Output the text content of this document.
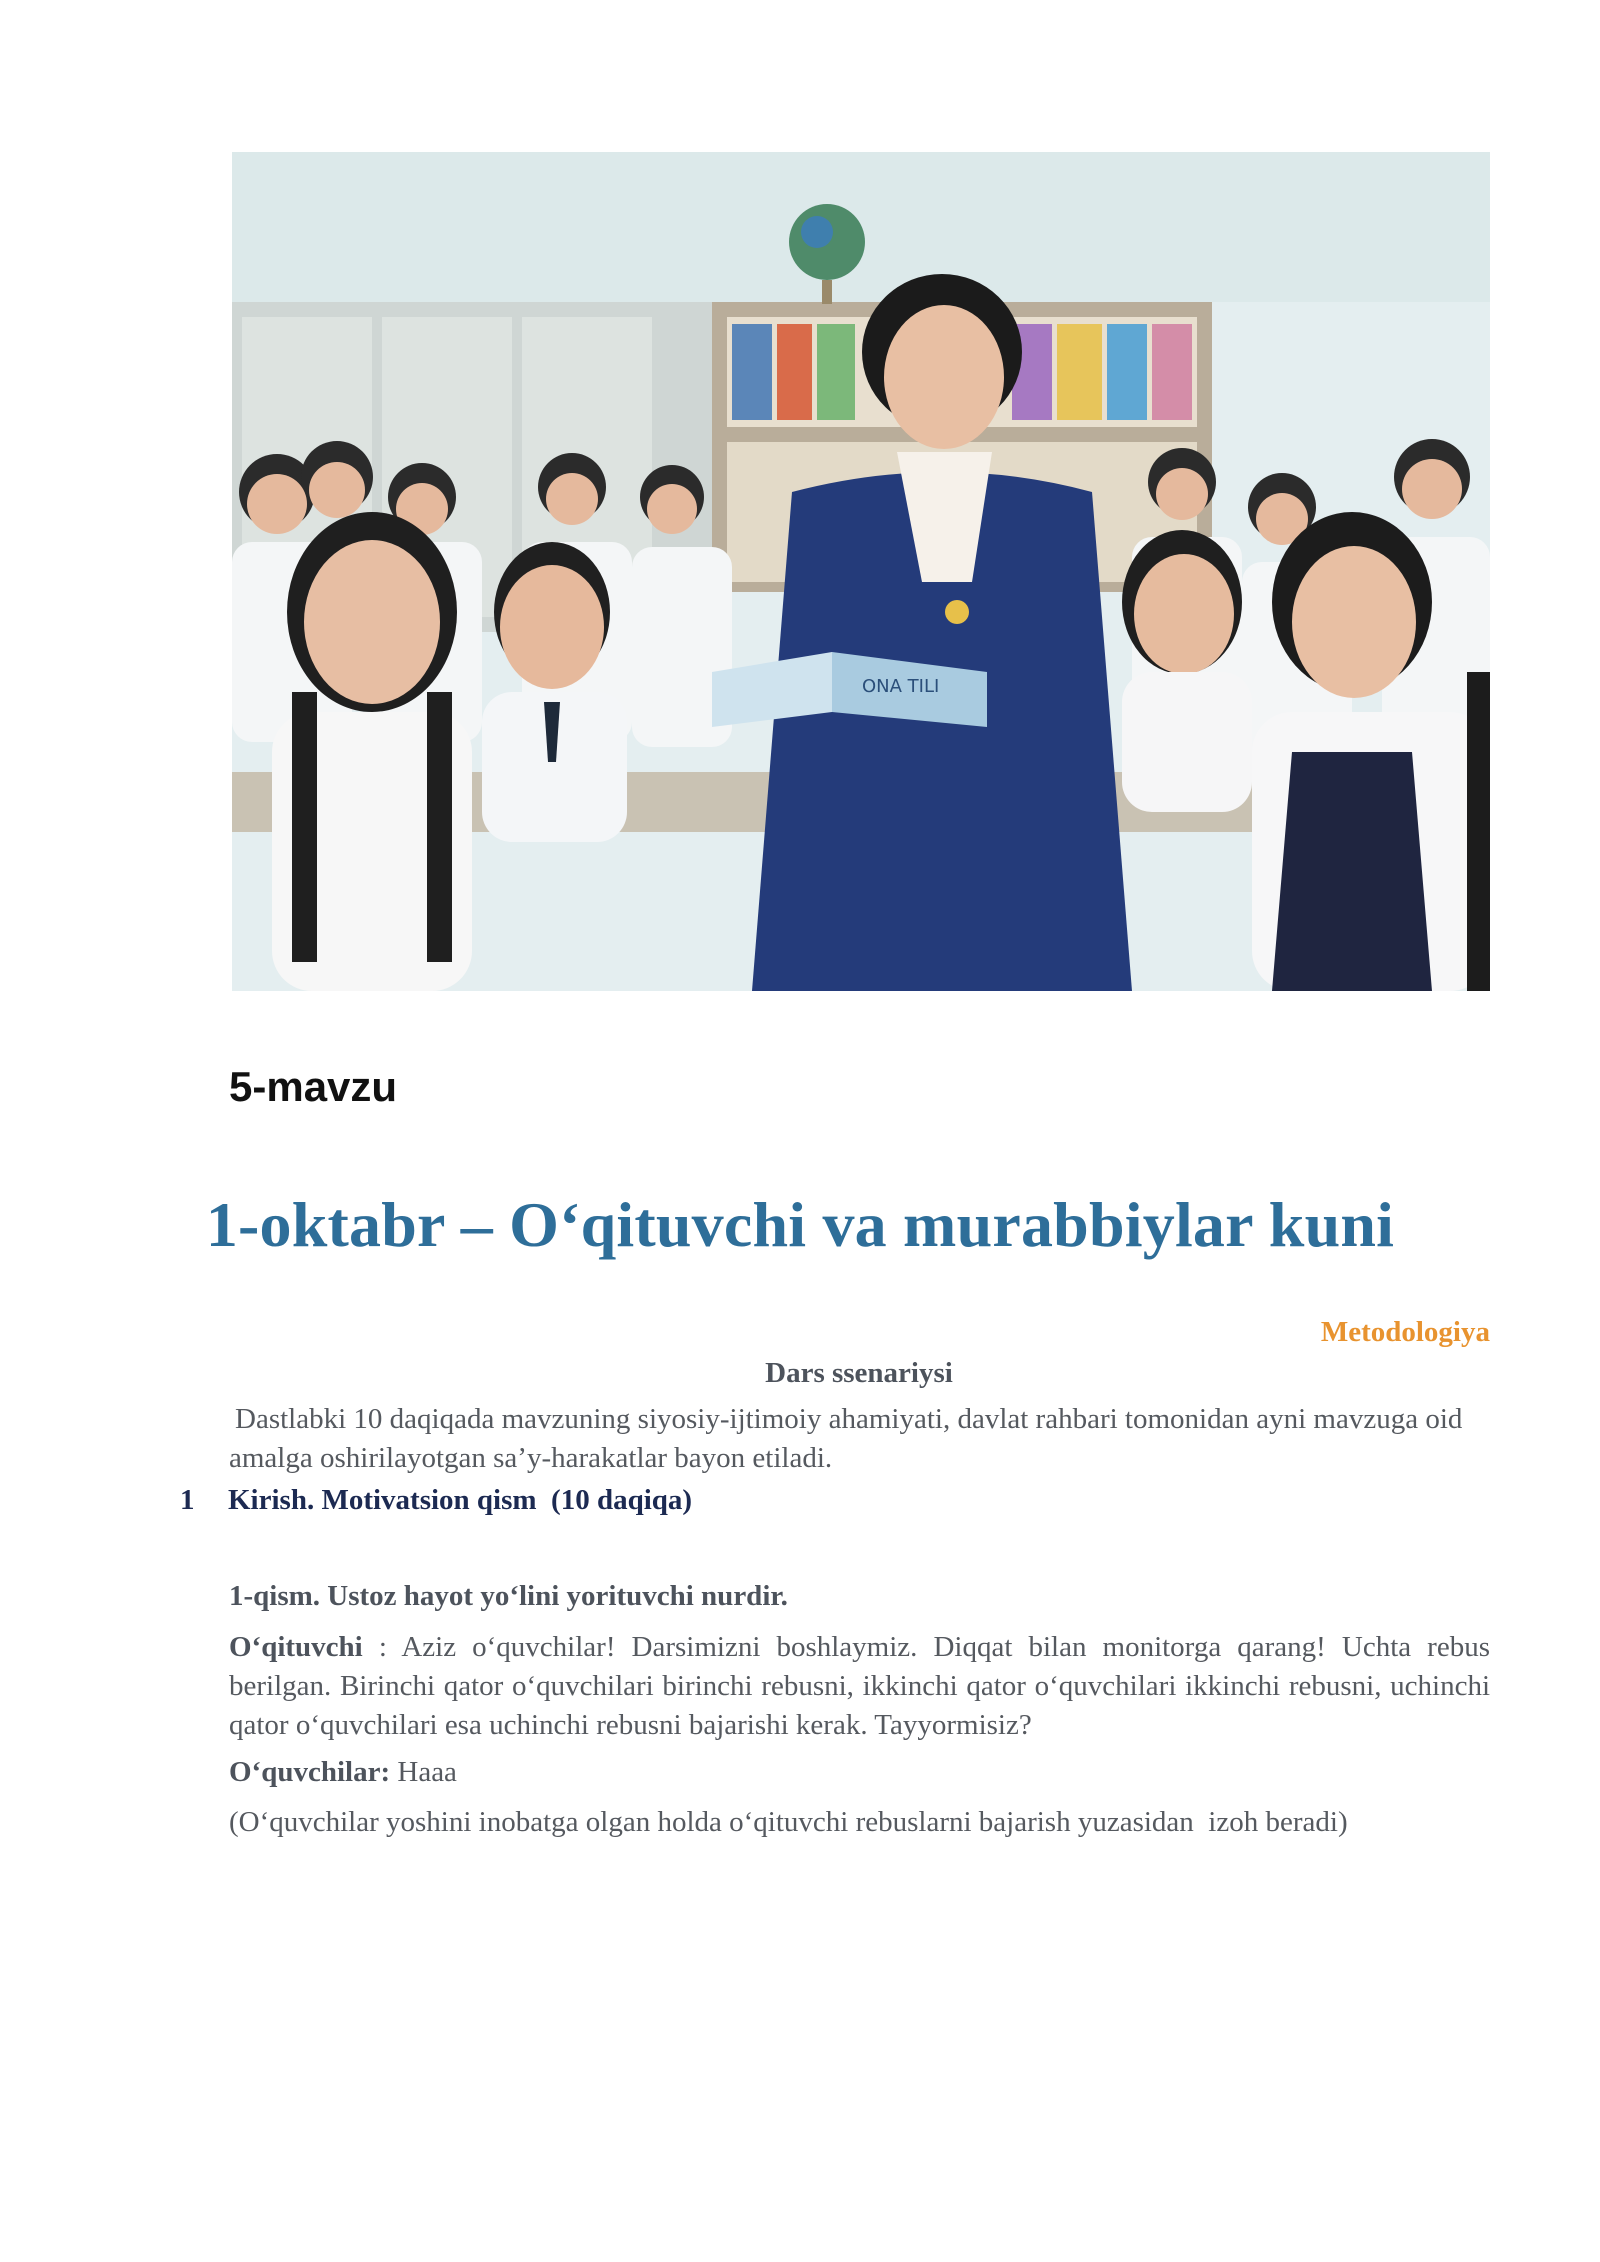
ONA TILI
5-mavzu
1-oktabr – O‘qituvchi va murabbiylar kuni
Metodologiya
Dars ssenariysi
Dastlabki 10 daqiqada mavzuning siyosiy-ijtimoiy ahamiyati, davlat rahbari tomonidan ayni mavzuga oid amalga oshirilayotgan sa’y-harakatlar bayon etiladi.
1 Kirish. Motivatsion qism  (10 daqiqa)
1-qism. Ustoz hayot yo‘lini yorituvchi nurdir.
O‘qituvchi : Aziz o‘quvchilar! Darsimizni boshlaymiz. Diqqat bilan monitorga qarang! Uchta rebus berilgan. Birinchi qator o‘quvchilari birinchi rebusni, ikkinchi qator o‘quvchilari ikkinchi rebusni, uchinchi qator o‘quvchilari esa uchinchi rebusni bajarishi kerak. Tayyormisiz?
O‘quvchilar: Haaa
(O‘quvchilar yoshini inobatga olgan holda o‘qituvchi rebuslarni bajarish yuzasidan  izoh beradi)
